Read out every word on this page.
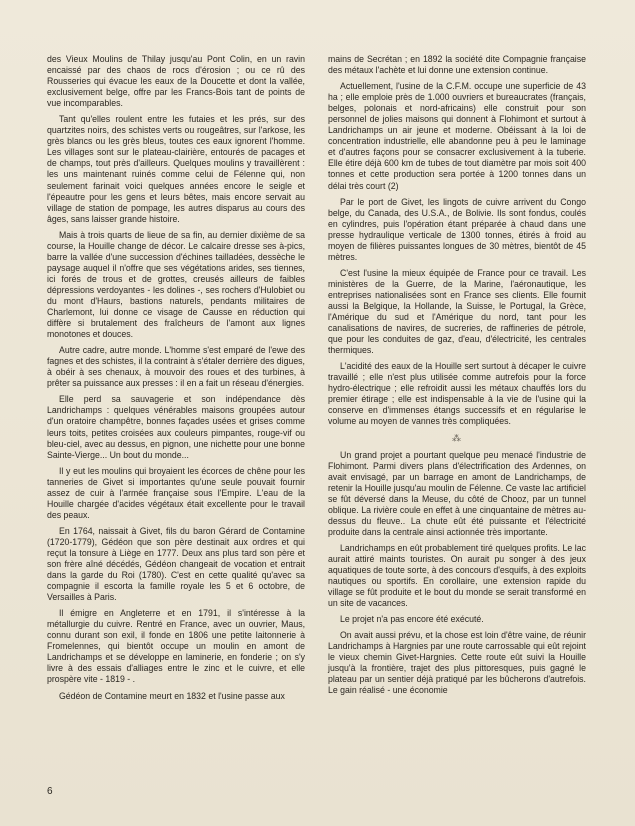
des Vieux Moulins de Thilay jusqu'au Pont Colin, en un ravin encaissé par des chaos de rocs d'érosion ; ou ce rû des Rousseries qui évacue les eaux de la Doucette et dont la vallée, exclusivement belge, offre par les Francs-Bois tant de points de vue incomparables.

Tant qu'elles roulent entre les futaies et les prés, sur des quartzites noirs, des schistes verts ou rougeâtres, sur l'arkose, les grès blancs ou les grès bleus, toutes ces eaux ignorent l'homme. Les villages sont sur le plateau-clairière, entourés de pacages et de champs, tout près d'ailleurs. Quelques moulins y travaillèrent : les uns maintenant ruinés comme celui de Félenne qui, non seulement farinait voici quelques années encore le seigle et l'épeautre pour les gens et leurs bêtes, mais encore servait au village de station de pompage, les autres disparus au cours des âges, sans laisser grande histoire.

Mais à trois quarts de lieue de sa fin, au dernier dixième de sa course, la Houille change de décor. Le calcaire dresse ses à-pics, barre la vallée d'une succession d'échines tailladées, dessèche le paysage auquel il n'offre que ses végétations arides, ses tiennes, ici forés de trous et de grottes, creusés ailleurs de faibles dépressions verdoyantes - les dolines -, ses rochers d'Hulobiet ou du mont d'Haurs, bastions naturels, pendants militaires de Charlemont, lui donne ce visage de Causse en réduction qui diffère si brutalement des fraîcheurs de l'amont aux lignes monotones et douces.

Autre cadre, autre monde. L'homme s'est emparé de l'ewe des fagnes et des schistes, il la contraint à s'étaler derrière des digues, à obéir à ses chenaux, à mouvoir des roues et des turbines, à prêter sa puissance aux presses : il en a fait un réseau d'énergies.

Elle perd sa sauvagerie et son indépendance dès Landrichamps : quelques vénérables maisons groupées autour d'un oratoire champêtre, bonnes façades usées et grises comme leurs toits, petites croisées aux couleurs pimpantes, rouge-vif ou bleu-ciel, avec au dessus, en pignon, une nichette pour une bonne Sainte-Vierge... Un bout du monde...

Il y eut les moulins qui broyaient les écorces de chêne pour les tanneries de Givet si importantes qu'une seule pouvait fournir assez de cuir à l'armée française sous l'Empire. L'eau de la Houille chargée d'acides végétaux était excellente pour le travail des peaux.

En 1764, naissait à Givet, fils du baron Gérard de Contamine (1720-1779), Gédéon que son père destinait aux ordres et qui reçut la tonsure à Liège en 1777. Deux ans plus tard son père et son frère aîné décédés, Gédéon changeait de vocation et entrait dans la garde du Roi (1780). C'est en cette qualité qu'avec sa compagnie il escorta la famille royale les 5 et 6 octobre, de Versailles à Paris.

Il émigre en Angleterre et en 1791, il s'intéresse à la métallurgie du cuivre. Rentré en France, avec un ouvrier, Maus, connu durant son exil, il fonde en 1806 une petite laitonnerie à Fromelennes, qui bientôt occupe un moulin en amont de Landrichamps et se développe en laminerie, en fonderie ; on s'y livre à des essais d'alliages entre le zinc et le cuivre, et elle prospère vite - 1819 - .

Gédéon de Contamine meurt en 1832 et l'usine passe aux

mains de Secrétan ; en 1892 la société dite Compagnie française des métaux l'achète et lui donne une extension continue.

Actuellement, l'usine de la C.F.M. occupe une superficie de 43 ha ; elle emploie près de 1.000 ouvriers et bureaucrates (français, belges, polonais et nord-africains) elle construit pour son personnel de jolies maisons qui donnent à Flohimont et surtout à Landrichamps un air jeune et moderne. Obéissant à la loi de concentration industrielle, elle abandonne peu à peu le laminage et d'autres façons pour se consacrer exclusivement à la tuberie. Elle étire déjà 600 km de tubes de tout diamètre par mois soit 400 tonnes et cette production sera portée à 1200 tonnes dans un délai très court (2)

Par le port de Givet, les lingots de cuivre arrivent du Congo belge, du Canada, des U.S.A., de Bolivie. Ils sont fondus, coulés en cylindres, puis l'opération étant préparée à chaud dans une presse hydraulique verticale de 1300 tonnes, étirés à froid au moyen de filières puissantes longues de 30 mètres, bientôt de 45 mètres.

C'est l'usine la mieux équipée de France pour ce travail. Les ministères de la Guerre, de la Marine, l'aéronautique, les entreprises nationalisées sont en France ses clients. Elle fournit aussi la Belgique, la Hollande, la Suisse, le Portugal, la Grèce, l'Amérique du sud et l'Amérique du nord, tant pour les canalisations de navires, de sucreries, de raffineries de pétrole, que pour les conduites de gaz, d'eau, d'électricité, les centrales thermiques.

L'acidité des eaux de la Houille sert surtout à décaper le cuivre travaillé ; elle n'est plus utilisée comme autrefois pour la force hydro-électrique ; elle refroidit aussi les métaux chauffés lors du premier étirage ; elle est indispensable à la vie de l'usine qui la conserve en d'immenses étangs successifs et en régularise le volume au moyen de vannes très compliquées.

⁂

Un grand projet a pourtant quelque peu menacé l'industrie de Flohimont. Parmi divers plans d'électrification des Ardennes, on avait envisagé, par un barrage en amont de Landrichamps, de retenir la Houille jusqu'au moulin de Félenne. Ce vaste lac artificiel se fût déversé dans la Meuse, du côté de Chooz, par un tunnel oblique. La rivière coule en effet à une cinquantaine de mètres au-dessus du fleuve.. La chute eût été puissante et l'électricité produite dans la centrale ainsi actionnée très importante.

Landrichamps en eût probablement tiré quelques profits. Le lac aurait attiré maints touristes. On aurait pu songer à des jeux aquatiques de toute sorte, à des concours d'esquifs, à des exploits nautiques ou sportifs. En corollaire, une extension rapide du village se fût produite et le bout du monde se serait transformé en un site de vacances.

Le projet n'a pas encore été exécuté.

On avait aussi prévu, et la chose est loin d'être vaine, de réunir Landrichamps à Hargnies par une route carrossable qui eût rejoint le vieux chemin Givet-Hargnies. Cette route eût suivi la Houille jusqu'à la frontière, trajet des plus pittoresques, puis gagné le plateau par un sentier déjà pratiqué par les bûcherons d'autrefois. Le gain réalisé - une économie

6
